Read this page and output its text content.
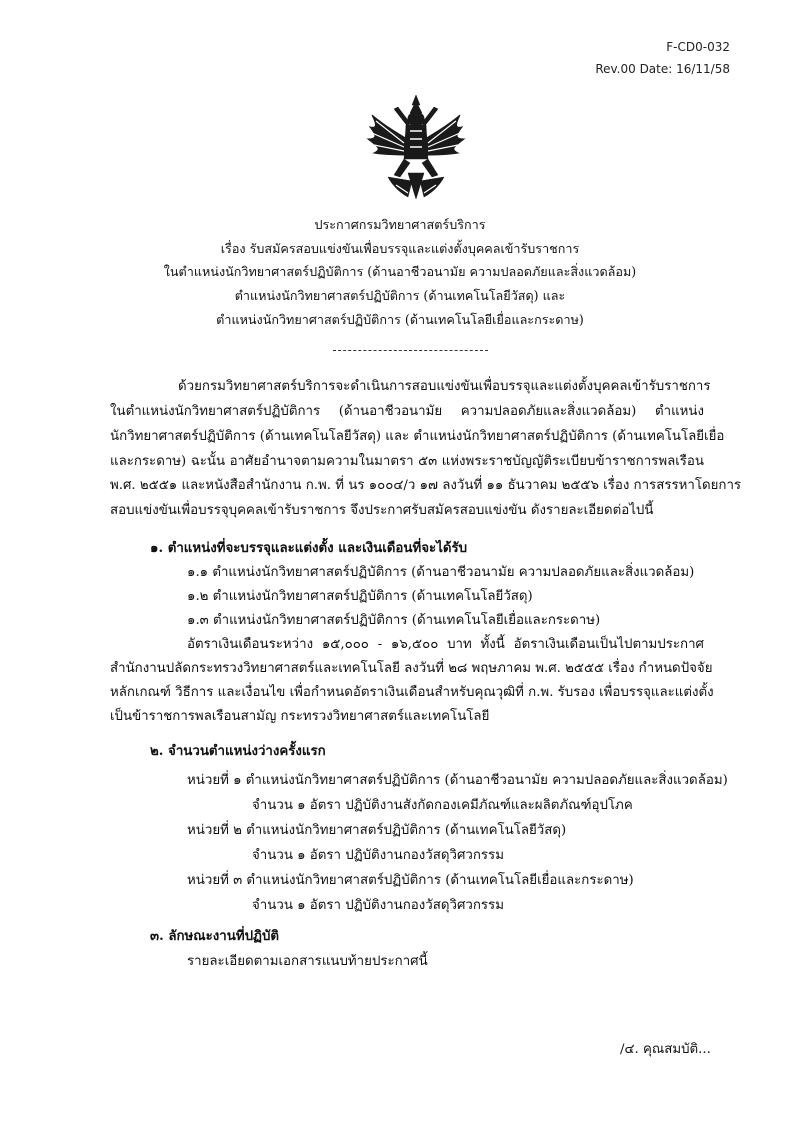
F-CD0-032
Rev.00 Date: 16/11/58
ประกาศกรมวิทยาศาสตร์บริการ
เรื่อง รับสมัครสอบแข่งขันเพื่อบรรจุและแต่งตั้งบุคคลเข้ารับราชการ
ในตำแหน่งนักวิทยาศาสตร์ปฏิบัติการ (ด้านอาชีวอนามัย ความปลอดภัยและสิ่งแวดล้อม)
ตำแหน่งนักวิทยาศาสตร์ปฏิบัติการ (ด้านเทคโนโลยีวัสดุ) และ
ตำแหน่งนักวิทยาศาสตร์ปฏิบัติการ (ด้านเทคโนโลยีเยื่อและกระดาษ)
ด้วยกรมวิทยาศาสตร์บริการจะดำเนินการสอบแข่งขันเพื่อบรรจุและแต่งตั้งบุคคลเข้ารับราชการ
ในตำแหน่งนักวิทยาศาสตร์ปฏิบัติการ (ด้านอาชีวอนามัย ความปลอดภัยและสิ่งแวดล้อม) ตำแหน่ง
นักวิทยาศาสตร์ปฏิบัติการ (ด้านเทคโนโลยีวัสดุ) และ ตำแหน่งนักวิทยาศาสตร์ปฏิบัติการ (ด้านเทคโนโลยีเยื่อ
และกระดาษ) ฉะนั้น อาศัยอำนาจตามความในมาตรา ๕๓ แห่งพระราชบัญญัติระเบียบข้าราชการพลเรือน
พ.ศ. ๒๕๕๑ และหนังสือสำนักงาน ก.พ. ที่ นร ๑๐๐๔/ว ๑๗ ลงวันที่ ๑๑ ธันวาคม ๒๕๕๖ เรื่อง การสรรหาโดยการ
สอบแข่งขันเพื่อบรรจุบุคคลเข้ารับราชการ จึงประกาศรับสมัครสอบแข่งขัน ดังรายละเอียดต่อไปนี้
๑. ตำแหน่งที่จะบรรจุและแต่งตั้ง และเงินเดือนที่จะได้รับ
๑.๑ ตำแหน่งนักวิทยาศาสตร์ปฏิบัติการ (ด้านอาชีวอนามัย ความปลอดภัยและสิ่งแวดล้อม)
๑.๒ ตำแหน่งนักวิทยาศาสตร์ปฏิบัติการ (ด้านเทคโนโลยีวัสดุ)
๑.๓ ตำแหน่งนักวิทยาศาสตร์ปฏิบัติการ (ด้านเทคโนโลยีเยื่อและกระดาษ)
อัตราเงินเดือนระหว่าง ๑๕,๐๐๐ - ๑๖,๕๐๐ บาท ทั้งนี้ อัตราเงินเดือนเป็นไปตามประกาศ
สำนักงานปลัดกระทรวงวิทยาศาสตร์และเทคโนโลยี ลงวันที่ ๒๘ พฤษภาคม พ.ศ. ๒๕๕๕ เรื่อง กำหนดปัจจัย
หลักเกณฑ์ วิธีการ และเงื่อนไข เพื่อกำหนดอัตราเงินเดือนสำหรับคุณวุฒิที่ ก.พ. รับรอง เพื่อบรรจุและแต่งตั้ง
เป็นข้าราชการพลเรือนสามัญ กระทรวงวิทยาศาสตร์และเทคโนโลยี
๒. จำนวนตำแหน่งว่างครั้งแรก
หน่วยที่ ๑ ตำแหน่งนักวิทยาศาสตร์ปฏิบัติการ (ด้านอาชีวอนามัย ความปลอดภัยและสิ่งแวดล้อม)
จำนวน ๑ อัตรา ปฏิบัติงานสังกัดกองเคมีภัณฑ์และผลิตภัณฑ์อุปโภค
หน่วยที่ ๒ ตำแหน่งนักวิทยาศาสตร์ปฏิบัติการ (ด้านเทคโนโลยีวัสดุ)
จำนวน ๑ อัตรา ปฏิบัติงานกองวัสดุวิศวกรรม
หน่วยที่ ๓ ตำแหน่งนักวิทยาศาสตร์ปฏิบัติการ (ด้านเทคโนโลยีเยื่อและกระดาษ)
จำนวน ๑ อัตรา ปฏิบัติงานกองวัสดุวิศวกรรม
๓. ลักษณะงานที่ปฏิบัติ
รายละเอียดตามเอกสารแนบท้ายประกาศนี้
/๔. คุณสมบัติ...
